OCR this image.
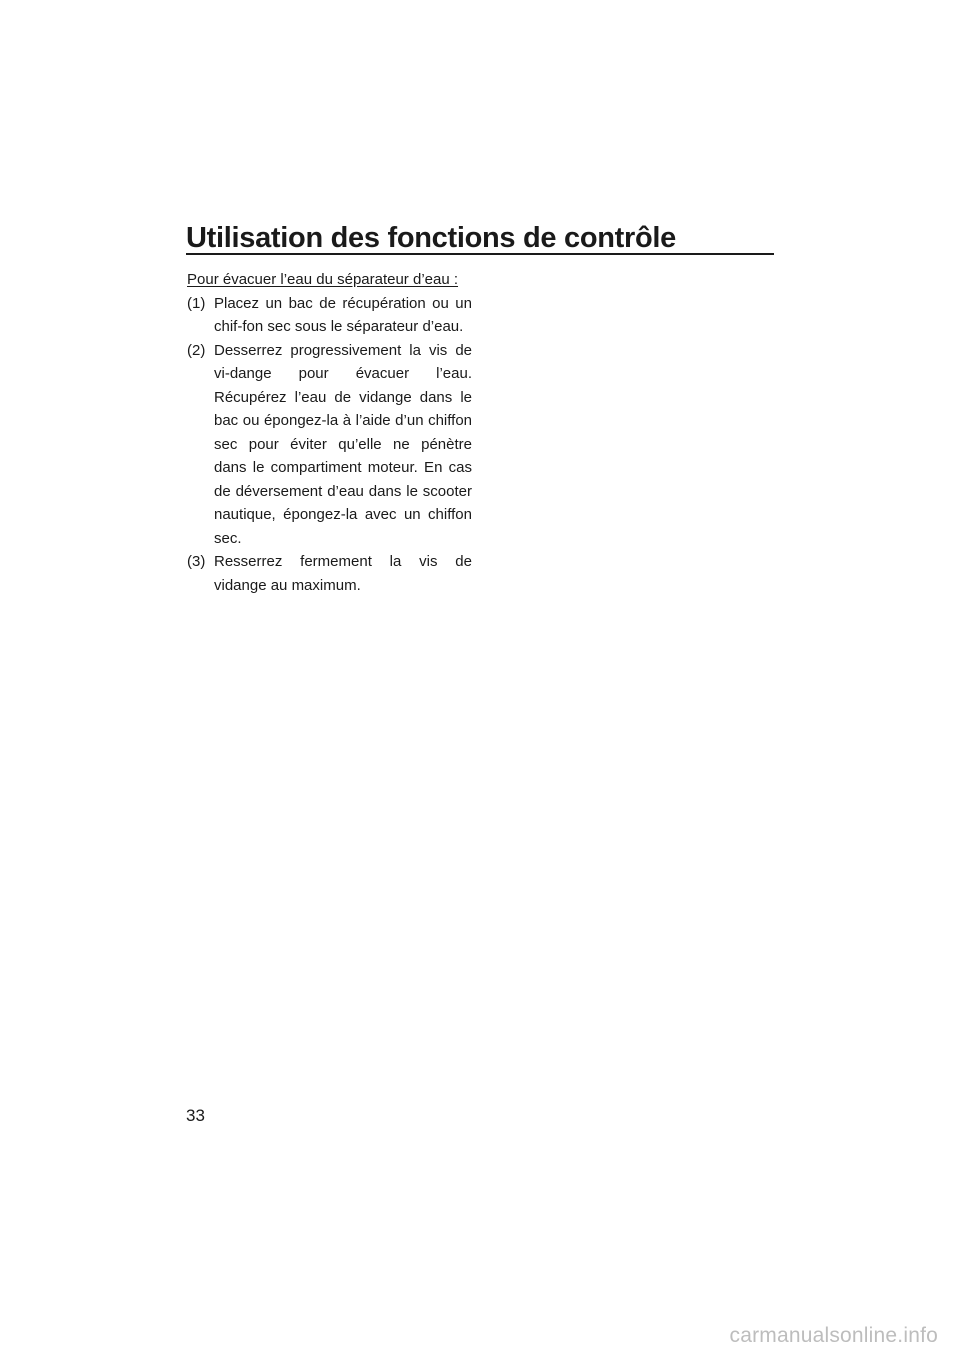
Utilisation des fonctions de contrôle

Pour évacuer l’eau du séparateur d’eau :

(1) Placez un bac de récupération ou un chif-fon sec sous le séparateur d’eau.
(2) Desserrez progressivement la vis de vi-dange pour évacuer l’eau. Récupérez l’eau de vidange dans le bac ou épongez-la à l’aide d’un chiffon sec pour éviter qu’elle ne pénètre dans le compartiment moteur. En cas de déversement d’eau dans le scooter nautique, épongez-la avec un chiffon sec.
(3) Resserrez fermement la vis de vidange au maximum.
33
carmanualsonline.info
